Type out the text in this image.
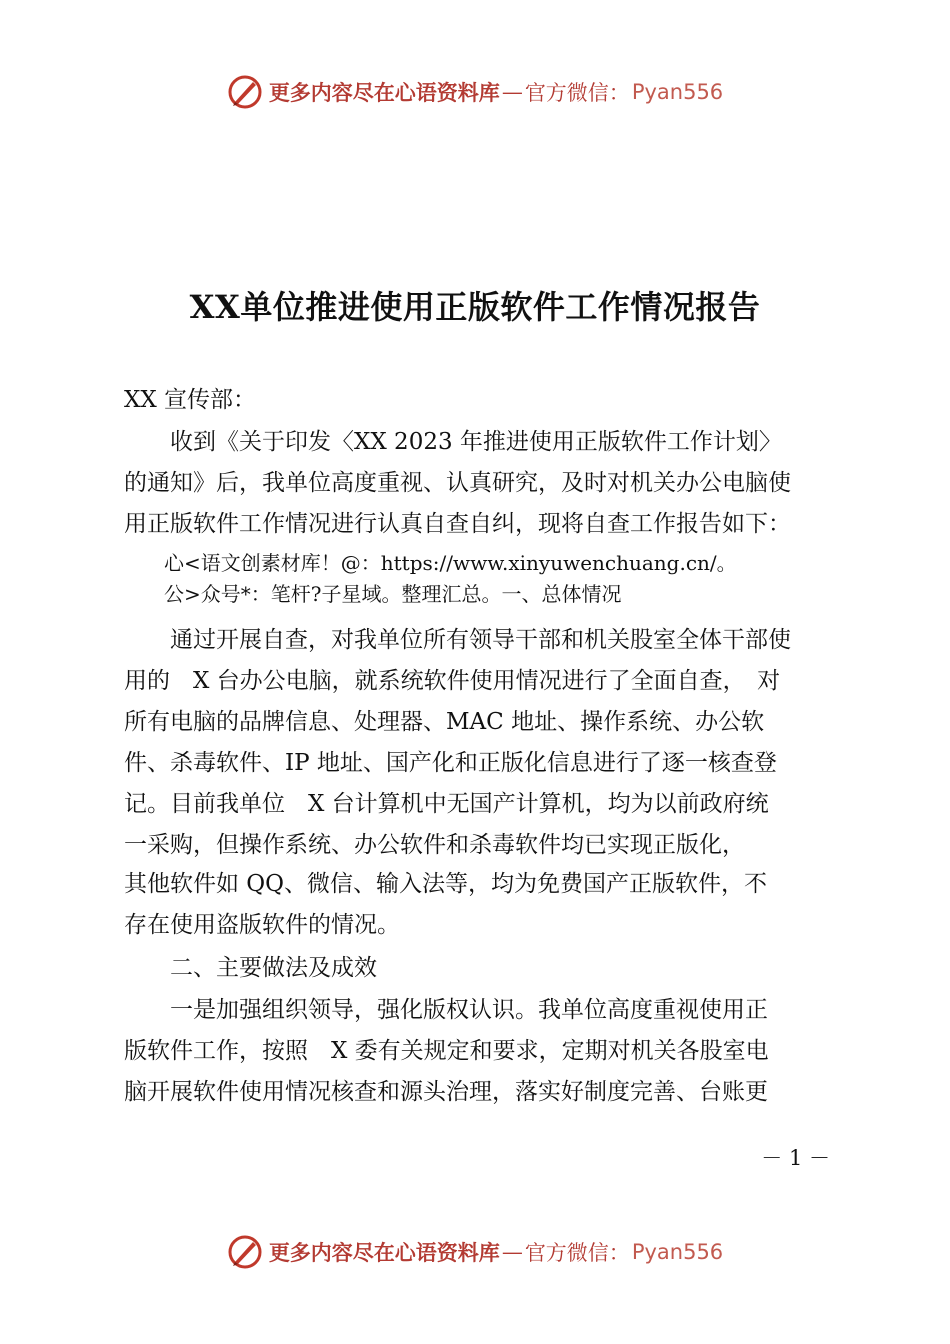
更多内容尽在心语资料库 — 官方微信： Pyan556
XX单位推进使用正版软件工作情况报告
XX 宣传部：
　　收到《关于印发〈XX 2023 年推进使用正版软件工作计划〉
的通知》后，我单位高度重视、认真研究，及时对机关办公电脑使
用正版软件工作情况进行认真自查自纠，现将自查工作报告如下：
　　心<语文创素材库！@：https://www.xinyuwenchuang.cn/。
　　公>众号*：笔杆?子星域。整理汇总。一、总体情况
　　通过开展自查，对我单位所有领导干部和机关股室全体干部使
用的　X 台办公电脑，就系统软件使用情况进行了全面自查，　对
所有电脑的品牌信息、处理器、MAC 地址、操作系统、办公软
件、杀毒软件、IP 地址、国产化和正版化信息进行了逐一核查登
记。目前我单位　X 台计算机中无国产计算机，均为以前政府统
一采购，但操作系统、办公软件和杀毒软件均已实现正版化，
其他软件如 QQ、微信、输入法等，均为免费国产正版软件，不
存在使用盗版软件的情况。
　　二、主要做法及成效
　　一是加强组织领导，强化版权认识。我单位高度重视使用正
版软件工作，按照　X 委有关规定和要求，定期对机关各股室电
脑开展软件使用情况核查和源头治理，落实好制度完善、台账更
－ 1 －
更多内容尽在心语资料库 — 官方微信： Pyan556
